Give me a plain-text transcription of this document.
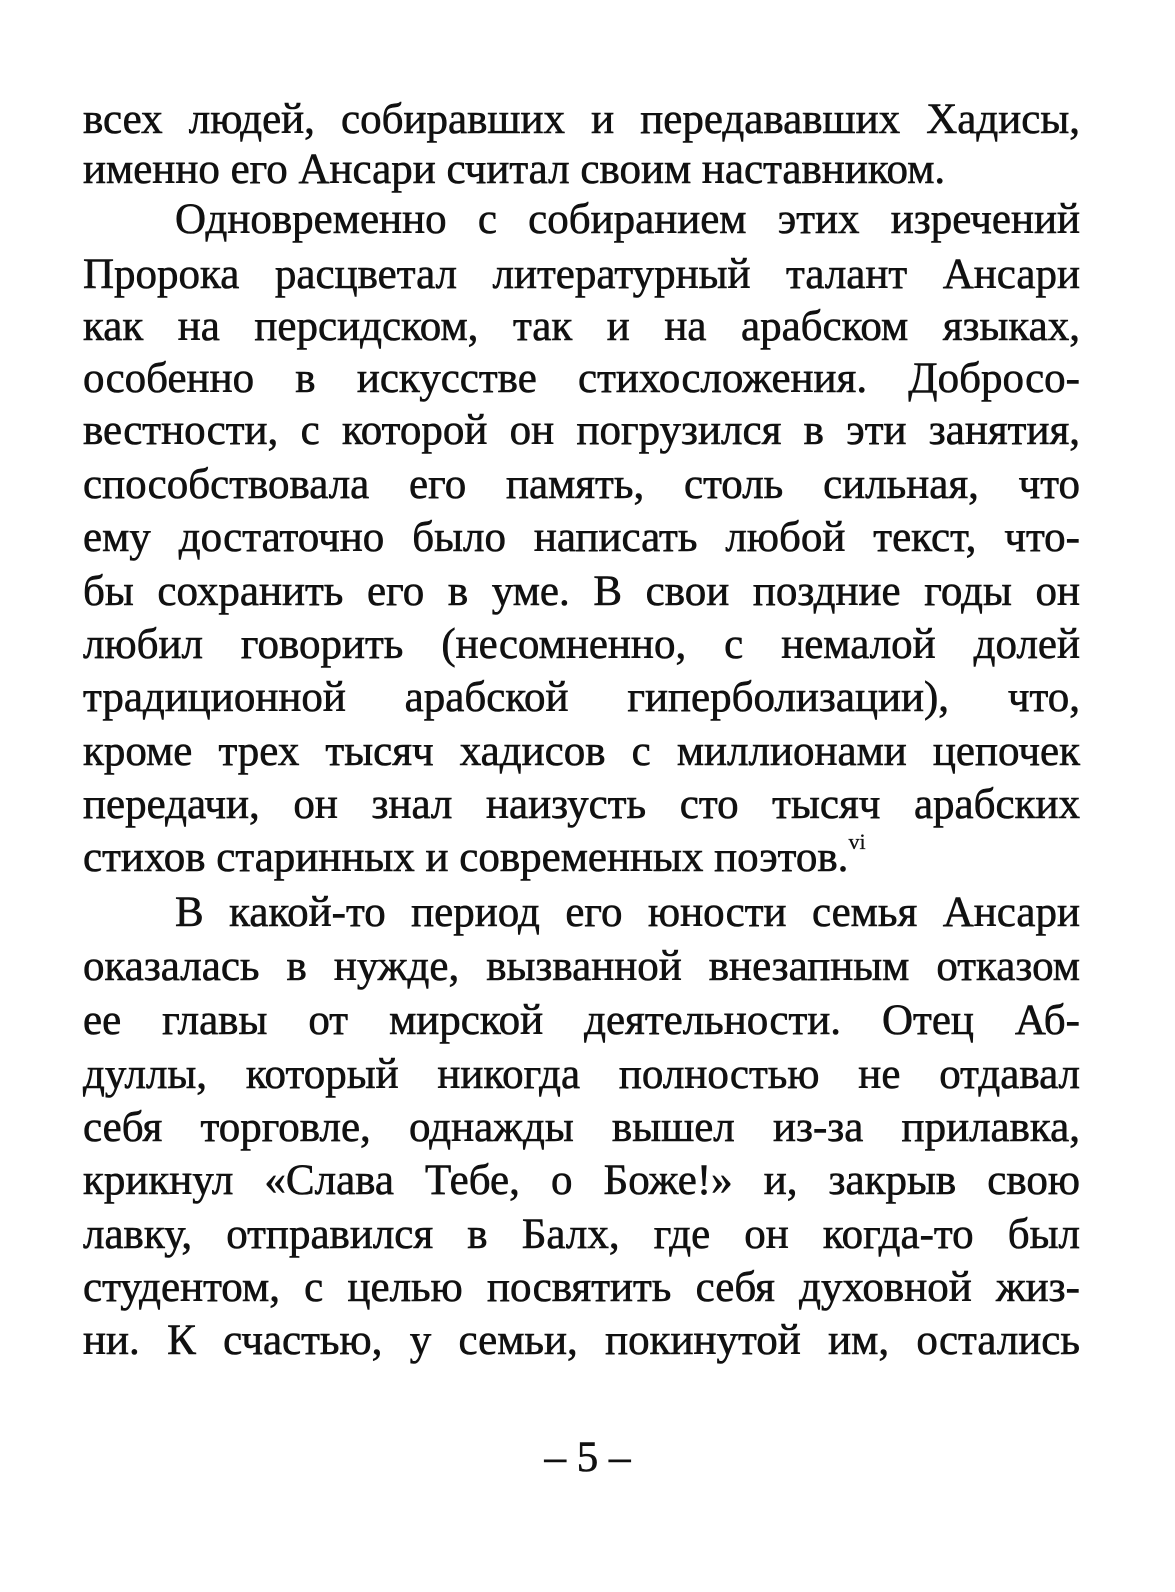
всех людей, собиравших и передававших Хадисы,
именно его Ансари считал своим наставником.
Одновременно с собиранием этих изречений
Пророка расцветал литературный талант Ансари
как на персидском, так и на арабском языках,
особенно в искусстве стихосложения. Добросо-
вестности, с которой он погрузился в эти занятия,
способствовала его память, столь сильная, что
ему достаточно было написать любой текст, что-
бы сохранить его в уме. В свои поздние годы он
любил говорить (несомненно, с немалой долей
традиционной арабской гиперболизации), что,
кроме трех тысяч хадисов с миллионами цепочек
передачи, он знал наизусть сто тысяч арабских
стихов старинных и современных поэтов.$^{vi}$
В какой-то период его юности семья Ансари
оказалась в нужде, вызванной внезапным отказом
ее главы от мирской деятельности. Отец Аб-
дуллы, который никогда полностью не отдавал
себя торговле, однажды вышел из-за прилавка,
крикнул «Слава Тебе, о Боже!» и, закрыв свою
лавку, отправился в Балх, где он когда-то был
студентом, с целью посвятить себя духовной жиз-
ни. К счастью, у семьи, покинутой им, остались
– 5 –
